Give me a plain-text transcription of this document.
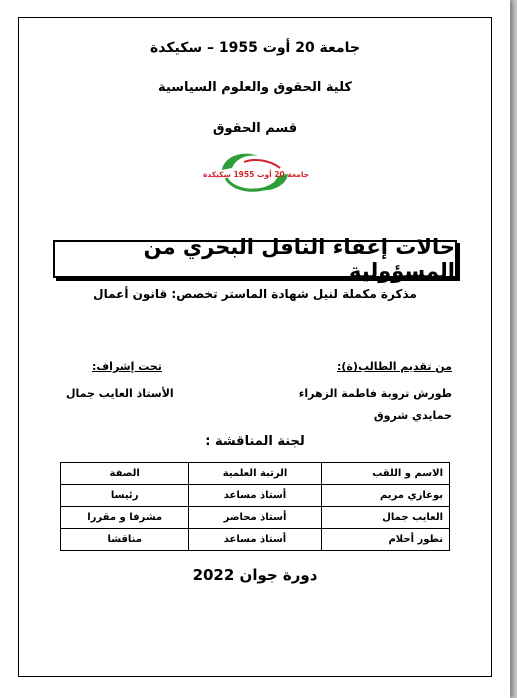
جامعة 20 أوت 1955 – سكيكدة
كلية الحقوق والعلوم السياسية
قسم الحقوق
جامعة 20 أوت 1955 سكيكدة
حالات إعفاء الناقل البحري من المسؤولية
مذكرة مكملة لنيل شهادة الماستر تخصص: قانون أعمال
من تقديم الطالب(ة):
طورش تروبة فاطمة الزهراء
حمايدي شروق
تحت إشراف:
الأستاذ العايب جمال
لجنة المناقشة :
الاسم و اللقب	الرتبة العلمية	الصفة
بوغازي مريم	أستاذ مساعد	رئيسا
العايب جمال	أستاذ محاضر	مشرفا و مقررا
نطور أحلام	أستاذ مساعد	مناقشا
دورة جوان 2022
